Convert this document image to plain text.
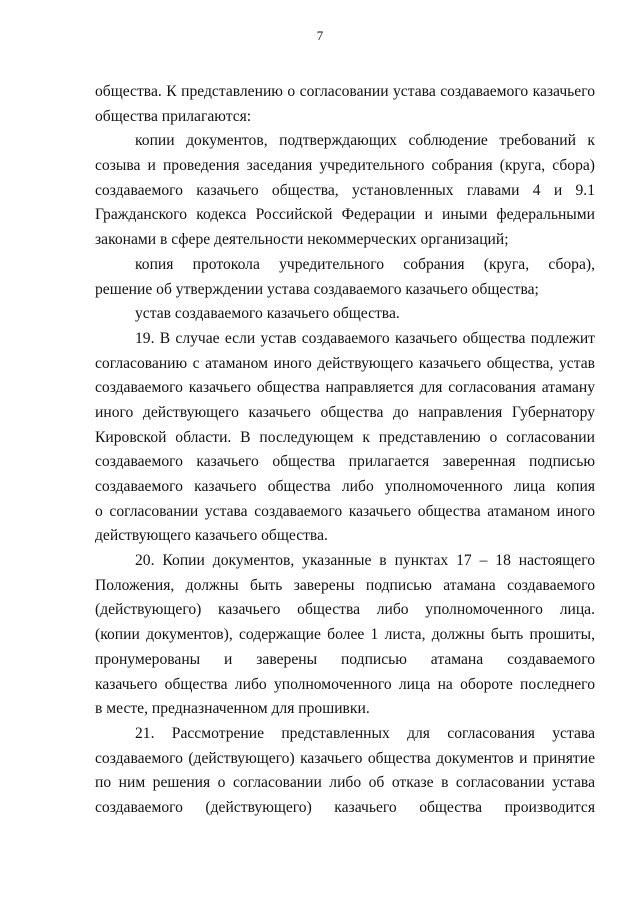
7
общества. К представлению о согласовании устава создаваемого казачьего
общества прилагаются:
копии документов, подтверждающих соблюдение требований к
созыва и проведения заседания учредительного собрания (круга, сбора)
создаваемого казачьего общества, установленных главами 4 и 9.1
Гражданского кодекса Российской Федерации и иными федеральными
законами в сфере деятельности некоммерческих организаций;
копия протокола учредительного собрания (круга, сбора),
решение об утверждении устава создаваемого казачьего общества;
устав создаваемого казачьего общества.
19. В случае если устав создаваемого казачьего общества подлежит
согласованию с атаманом иного действующего казачьего общества, устав
создаваемого казачьего общества направляется для согласования атаману
иного действующего казачьего общества до направления Губернатору
Кировской области. В последующем к представлению о согласовании
создаваемого казачьего общества прилагается заверенная подписью
создаваемого казачьего общества либо уполномоченного лица копия
о согласовании устава создаваемого казачьего общества атаманом иного
действующего казачьего общества.
20. Копии документов, указанные в пунктах 17 – 18 настоящего
Положения, должны быть заверены подписью атамана создаваемого
(действующего) казачьего общества либо уполномоченного лица.
(копии документов), содержащие более 1 листа, должны быть прошиты,
пронумерованы и заверены подписью атамана создаваемого
казачьего общества либо уполномоченного лица на обороте последнего
в месте, предназначенном для прошивки.
21. Рассмотрение представленных для согласования устава
создаваемого (действующего) казачьего общества документов и принятие
по ним решения о согласовании либо об отказе в согласовании устава
создаваемого (действующего) казачьего общества производится
